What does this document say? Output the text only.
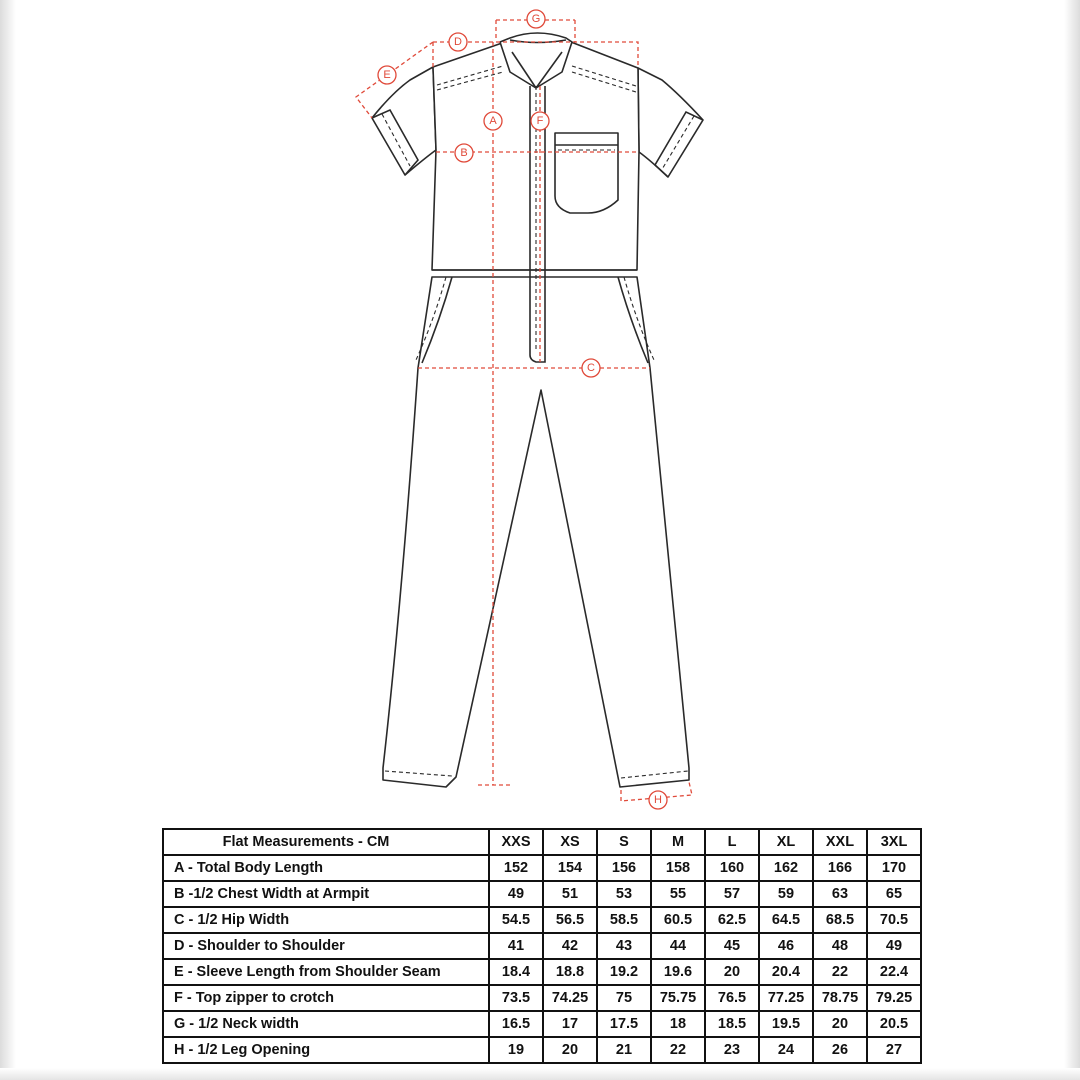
A
B
C
D
E
F
G
H
Flat Measurements - CM	XXS	XS	S	M	L	XL	XXL	3XL
A - Total Body Length	152	154	156	158	160	162	166	170
B -1/2 Chest Width at Armpit	49	51	53	55	57	59	63	65
C - 1/2 Hip Width	54.5	56.5	58.5	60.5	62.5	64.5	68.5	70.5
D - Shoulder to Shoulder	41	42	43	44	45	46	48	49
E - Sleeve Length from Shoulder Seam	18.4	18.8	19.2	19.6	20	20.4	22	22.4
F - Top zipper to crotch	73.5	74.25	75	75.75	76.5	77.25	78.75	79.25
G - 1/2 Neck width	16.5	17	17.5	18	18.5	19.5	20	20.5
H - 1/2 Leg Opening	19	20	21	22	23	24	26	27
